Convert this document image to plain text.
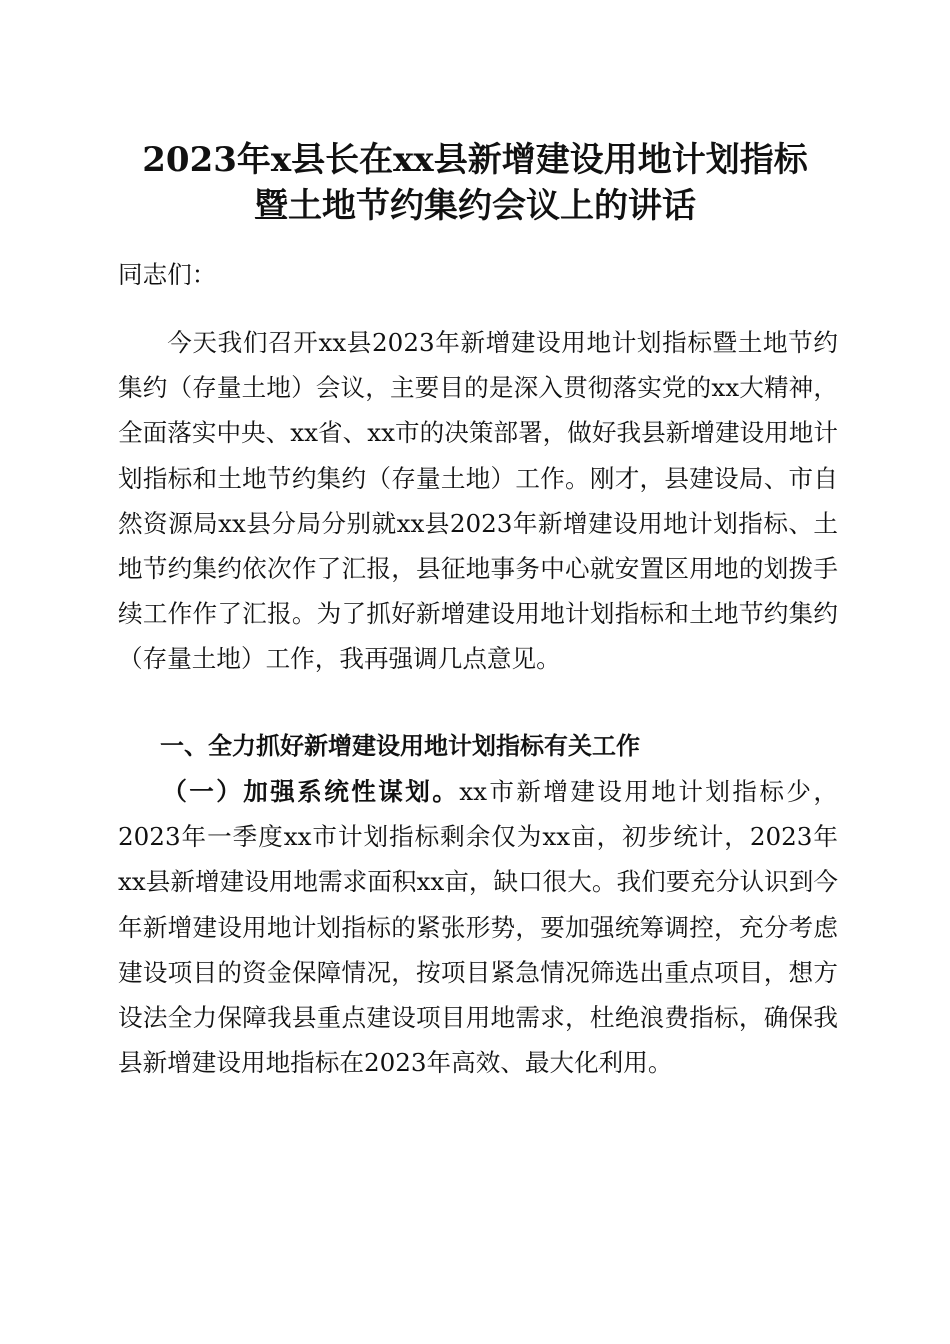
2023年x县长在xx县新增建设用地计划指标
暨土地节约集约会议上的讲话

同志们：

今天我们召开xx县2023年新增建设用地计划指标暨土地节约集约（存量土地）会议，主要目的是深入贯彻落实党的xx大精神，全面落实中央、xx省、xx市的决策部署，做好我县新增建设用地计划指标和土地节约集约（存量土地）工作。刚才，县建设局、市自然资源局xx县分局分别就xx县2023年新增建设用地计划指标、土地节约集约依次作了汇报，县征地事务中心就安置区用地的划拨手续工作作了汇报。为了抓好新增建设用地计划指标和土地节约集约（存量土地）工作，我再强调几点意见。

一、全力抓好新增建设用地计划指标有关工作

（一）加强系统性谋划。xx市新增建设用地计划指标少，2023年一季度xx市计划指标剩余仅为xx亩，初步统计，2023年xx县新增建设用地需求面积xx亩，缺口很大。我们要充分认识到今年新增建设用地计划指标的紧张形势，要加强统筹调控，充分考虑建设项目的资金保障情况，按项目紧急情况筛选出重点项目，想方设法全力保障我县重点建设项目用地需求，杜绝浪费指标，确保我县新增建设用地指标在2023年高效、最大化利用。
